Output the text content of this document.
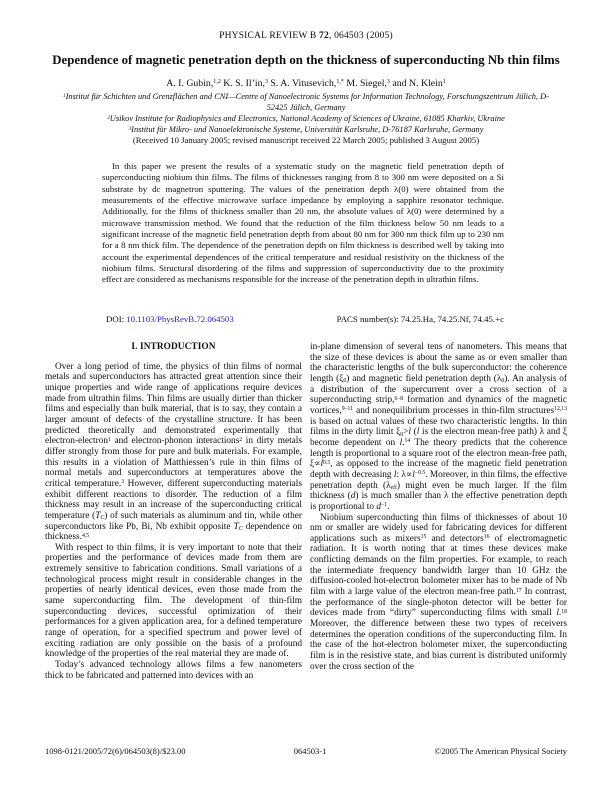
PHYSICAL REVIEW B 72, 064503 (2005)
Dependence of magnetic penetration depth on the thickness of superconducting Nb thin films
A. I. Gubin,$^{1,2}$ K. S. Il’in,$^3$ S. A. Vitusevich,$^{1,*}$ M. Siegel,$^3$ and N. Klein$^1$
$^1$Institut für Schichten und Grenzflächen and CNI—Centre of Nanoelectronic Systems for Information Technology, Forschungszentrum Jülich, D-52425 Jülich, Germany
$^2$Usikov Institute for Radiophysics and Electronics, National Academy of Sciences of Ukraine, 61085 Kharkiv, Ukraine
$^3$Institut für Mikro- und Nanoelektronische Systeme, Universität Karlsruhe, D-76187 Karlsruhe, Germany
(Received 10 January 2005; revised manuscript received 22 March 2005; published 3 August 2005)
In this paper we present the results of a systematic study on the magnetic field penetration depth of superconducting niobium thin films. The films of thicknesses ranging from 8 to 300 nm were deposited on a Si substrate by dc magnetron sputtering. The values of the penetration depth λ(0) were obtained from the measurements of the effective microwave surface impedance by employing a sapphire resonator technique. Additionally, for the films of thickness smaller than 20 nm, the absolute values of λ(0) were determined by a microwave transmission method. We found that the reduction of the film thickness below 50 nm leads to a significant increase of the magnetic field penetration depth from about 80 nm for 300 nm thick film up to 230 nm for a 8 nm thick film. The dependence of the penetration depth on film thickness is described well by taking into account the experimental dependences of the critical temperature and residual resistivity on the thickness of the niobium films. Structural disordering of the films and suppression of superconductivity due to the proximity effect are considered as mechanisms responsible for the increase of the penetration depth in ultrathin films.
DOI: 10.1103/PhysRevB.72.064503	PACS number(s): 74.25.Ha, 74.25.Nf, 74.45.+c
I. INTRODUCTION

Over a long period of time, the physics of thin films of normal metals and superconductors has attracted great attention since their unique properties and wide range of applications require devices made from ultrathin films. Thin films are usually dirtier than thicker films and especially than bulk material, that is to say, they contain a larger amount of defects of the crystalline structure. It has been predicted theoretically and demonstrated experimentally that electron-electron$^1$ and electron-phonon interactions$^2$ in dirty metals differ strongly from those for pure and bulk materials. For example, this results in a violation of Matthiessen’s rule in thin films of normal metals and superconductors at temperatures above the critical temperature.$^3$ However, different superconducting materials exhibit different reactions to disorder. The reduction of a film thickness may result in an increase of the superconducting critical temperature $(T_C)$ of such materials as aluminum and tin, while other superconductors like Pb, Bi, Nb exhibit opposite $T_C$ dependence on thickness.$^{4,5}$

With respect to thin films, it is very important to note that their properties and the performance of devices made from them are extremely sensitive to fabrication conditions. Small variations of a technological process might result in considerable changes in the properties of nearly identical devices, even those made from the same superconducting film. The development of thin-film superconducting devices, successful optimization of their performances for a given application area, for a defined temperature range of operation, for a specified spectrum and power level of exciting radiation are only possible on the basis of a profound knowledge of the properties of the real material they are made of.

Today’s advanced technology allows films a few nanometers thick to be fabricated and patterned into devices with an

in-plane dimension of several tens of nanometers. This means that the size of these devices is about the same as or even smaller than the characteristic lengths of the bulk superconductor: the coherence length $(\xi_0)$ and magnetic field penetration depth $(\lambda_0)$. An analysis of a distribution of the supercurrent over a cross section of a superconducting strip,$^{6-8}$ formation and dynamics of the magnetic vortices,$^{9-11}$ and nonequilibrium processes in thin-film structures$^{12,13}$ is based on actual values of these two characteristic lengths. In thin films in the dirty limit $\xi_0>l$ (l is the electron mean-free path) λ and ξ become dependent on l.$^{14}$ The theory predicts that the coherence length is proportional to a square root of the electron mean-free path, $\xi\propto l^{0.5}$, as opposed to the increase of the magnetic field penetration depth with decreasing l: $\lambda\propto l^{-0.5}$. Moreover, in thin films, the effective penetration depth $(\lambda_{eff})$ might even be much larger. If the film thickness (d) is much smaller than λ the effective penetration depth is proportional to $d^{-1}$.

Niobium superconducting thin films of thicknesses of about 10 nm or smaller are widely used for fabricating devices for different applications such as mixers$^{15}$ and detectors$^{16}$ of electromagnetic radiation. It is worth noting that at times these devices make conflicting demands on the film properties. For example, to reach the intermediate frequency bandwidth larger than 10 GHz the diffusion-cooled hot-electron bolometer mixer has to be made of Nb film with a large value of the electron mean-free path.$^{17}$ In contrast, the performance of the single-photon detector will be better for devices made from “dirty” superconducting films with small l.$^{18}$ Moreover, the difference between these two types of receivers determines the operation conditions of the superconducting film. In the case of the hot-electron bolometer mixer, the superconducting film is in the resistive state, and bias current is distributed uniformly over the cross section of the

1098-0121/2005/72(6)/064503(8)/$23.00	064503-1	©2005 The American Physical Society
